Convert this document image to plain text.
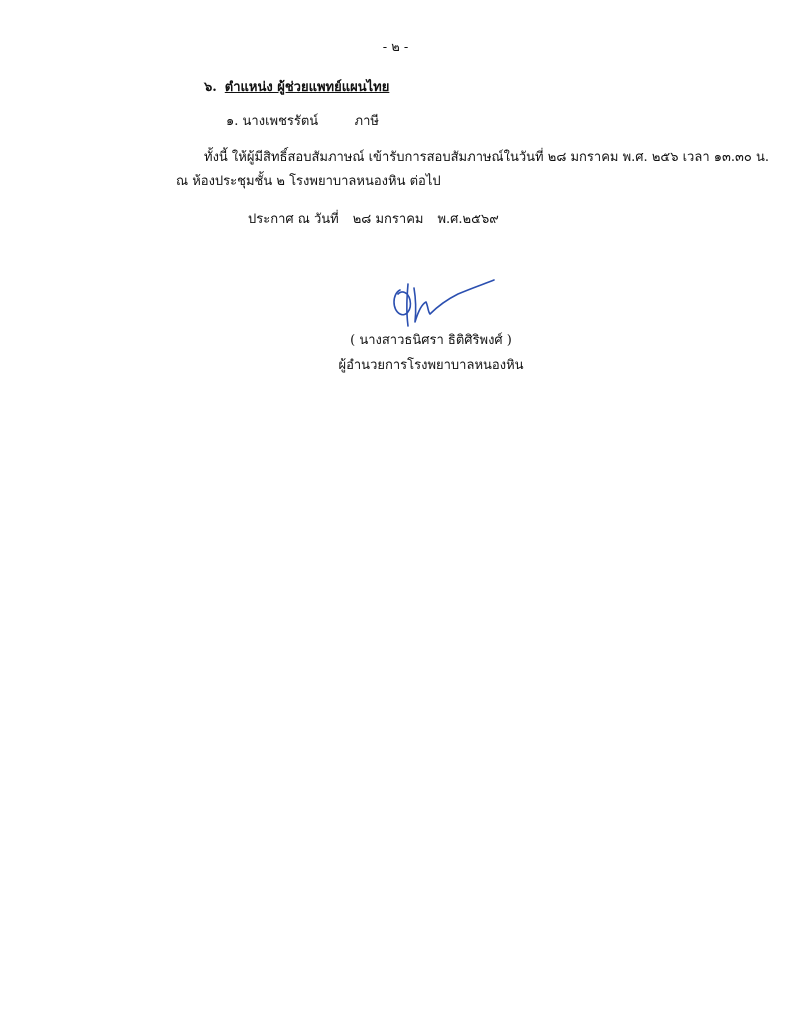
- ๒ -
๖. ตำแหน่ง ผู้ช่วยแพทย์แผนไทย
๑. นางเพชรรัตน์	ภาษี
ทั้งนี้ ให้ผู้มีสิทธิ์สอบสัมภาษณ์ เข้ารับการสอบสัมภาษณ์ในวันที่ ๒๘ มกราคม พ.ศ. ๒๕๖ เวลา ๑๓.๓๐ น.
ณ ห้องประชุมชั้น ๒ โรงพยาบาลหนองหิน ต่อไป
ประกาศ ณ วันที่ ๒๘ มกราคม พ.ศ.๒๕๖๙
( นางสาวธนิศรา ธิติศิริพงศ์ )
ผู้อำนวยการโรงพยาบาลหนองหิน
